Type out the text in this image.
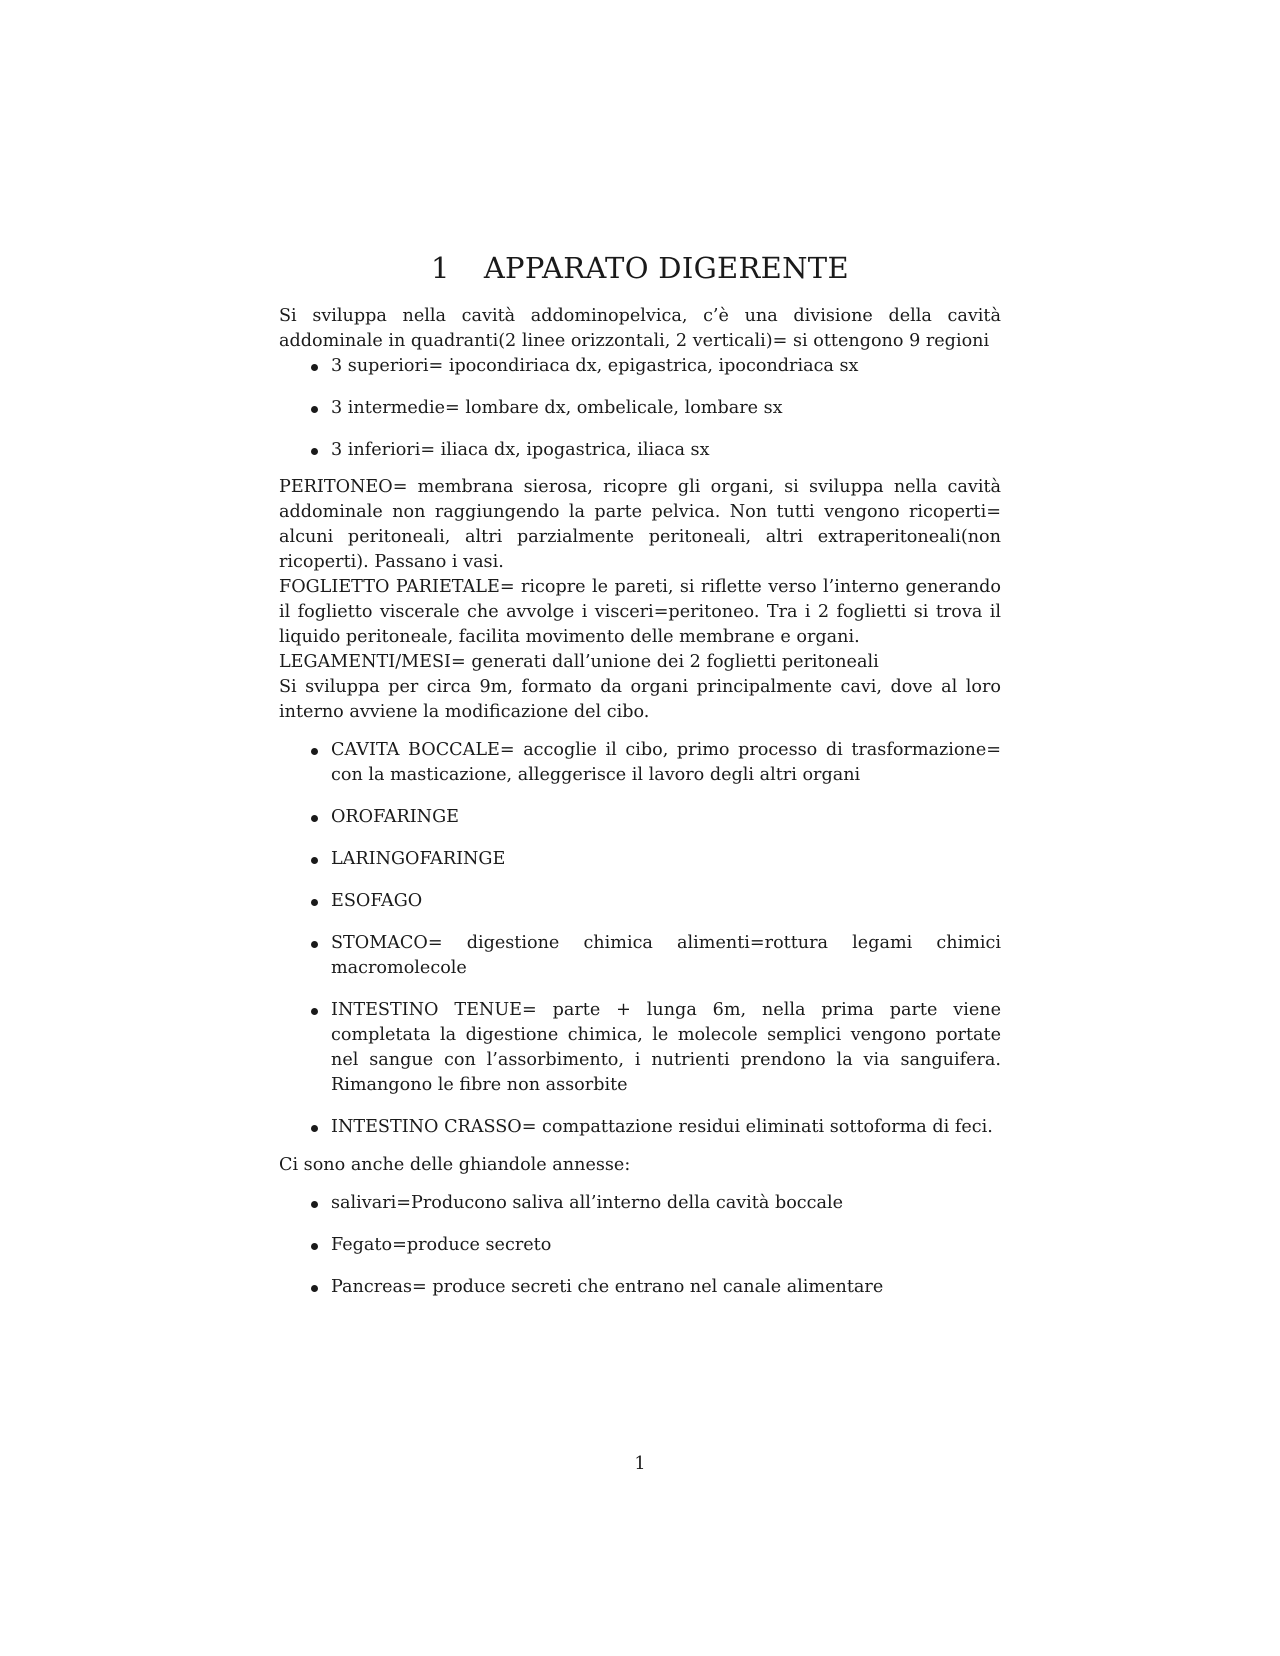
1 APPARATO DIGERENTE

Si sviluppa nella cavità addominopelvica, c’è una divisione della cavità addominale in quadranti(2 linee orizzontali, 2 verticali)= si ottengono 9 regioni

3 superiori= ipocondiriaca dx, epigastrica, ipocondriaca sx
3 intermedie= lombare dx, ombelicale, lombare sx
3 inferiori= iliaca dx, ipogastrica, iliaca sx

PERITONEO= membrana sierosa, ricopre gli organi, si sviluppa nella cavità addominale non raggiungendo la parte pelvica. Non tutti vengono ricoperti= alcuni peritoneali, altri parzialmente peritoneali, altri extraperitoneali(non ricoperti). Passano i vasi.

FOGLIETTO PARIETALE= ricopre le pareti, si riflette verso l’interno generando il foglietto viscerale che avvolge i visceri=peritoneo. Tra i 2 foglietti si trova il liquido peritoneale, facilita movimento delle membrane e organi.

LEGAMENTI/MESI= generati dall’unione dei 2 foglietti peritoneali

Si sviluppa per circa 9m, formato da organi principalmente cavi, dove al loro interno avviene la modificazione del cibo.

CAVITA BOCCALE= accoglie il cibo, primo processo di trasformazione= con la masticazione, alleggerisce il lavoro degli altri organi
OROFARINGE
LARINGOFARINGE
ESOFAGO
STOMACO= digestione chimica alimenti=rottura legami chimici macromolecole
INTESTINO TENUE= parte + lunga 6m, nella prima parte viene completata la digestione chimica, le molecole semplici vengono portate nel sangue con l’assorbimento, i nutrienti prendono la via sanguifera. Rimangono le fibre non assorbite
INTESTINO CRASSO= compattazione residui eliminati sottoforma di feci.

Ci sono anche delle ghiandole annesse:

salivari=Producono saliva all’interno della cavità boccale
Fegato=produce secreto
Pancreas= produce secreti che entrano nel canale alimentare
1
